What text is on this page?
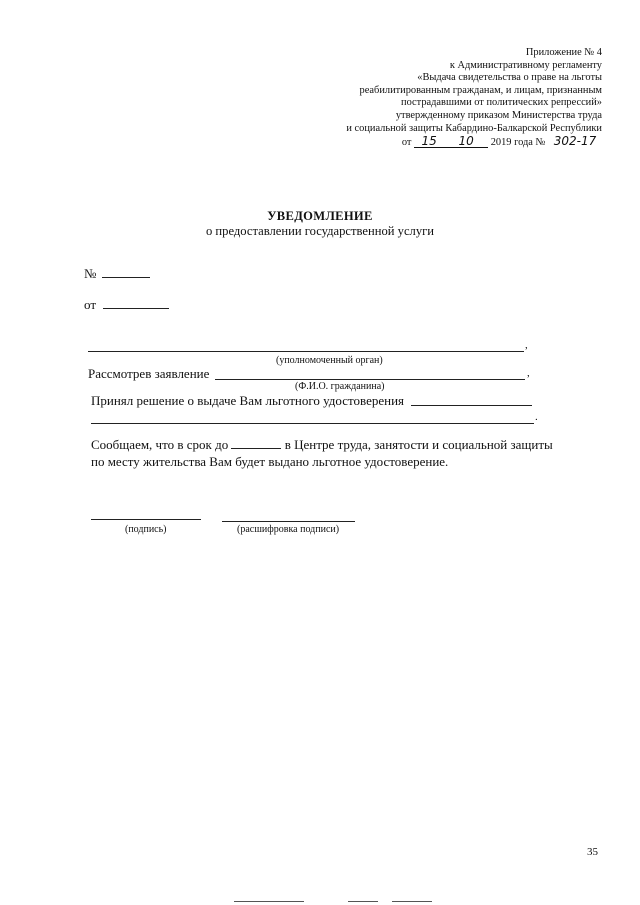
Приложение № 4
к Административному регламенту
«Выдача свидетельства о праве на льготы
реабилитированным гражданам, и лицам, признанным
пострадавшими от политических репрессий»
утвержденному приказом Министерства труда
и социальной защиты Кабардино-Балкарской Республики
от 15 10 2019 года № 302-17
УВЕДОМЛЕНИЕ
о предоставлении государственной услуги
№
от
,
(уполномоченный орган)
Рассмотрев заявление	,
(Ф.И.О. гражданина)
Принял решение о выдаче Вам льготного удостоверения
.
Сообщаем, что в срок до	в Центре труда, занятости и социальной защиты
по месту жительства Вам будет выдано льготное удостоверение.
(подпись)	(расшифровка подписи)
35
